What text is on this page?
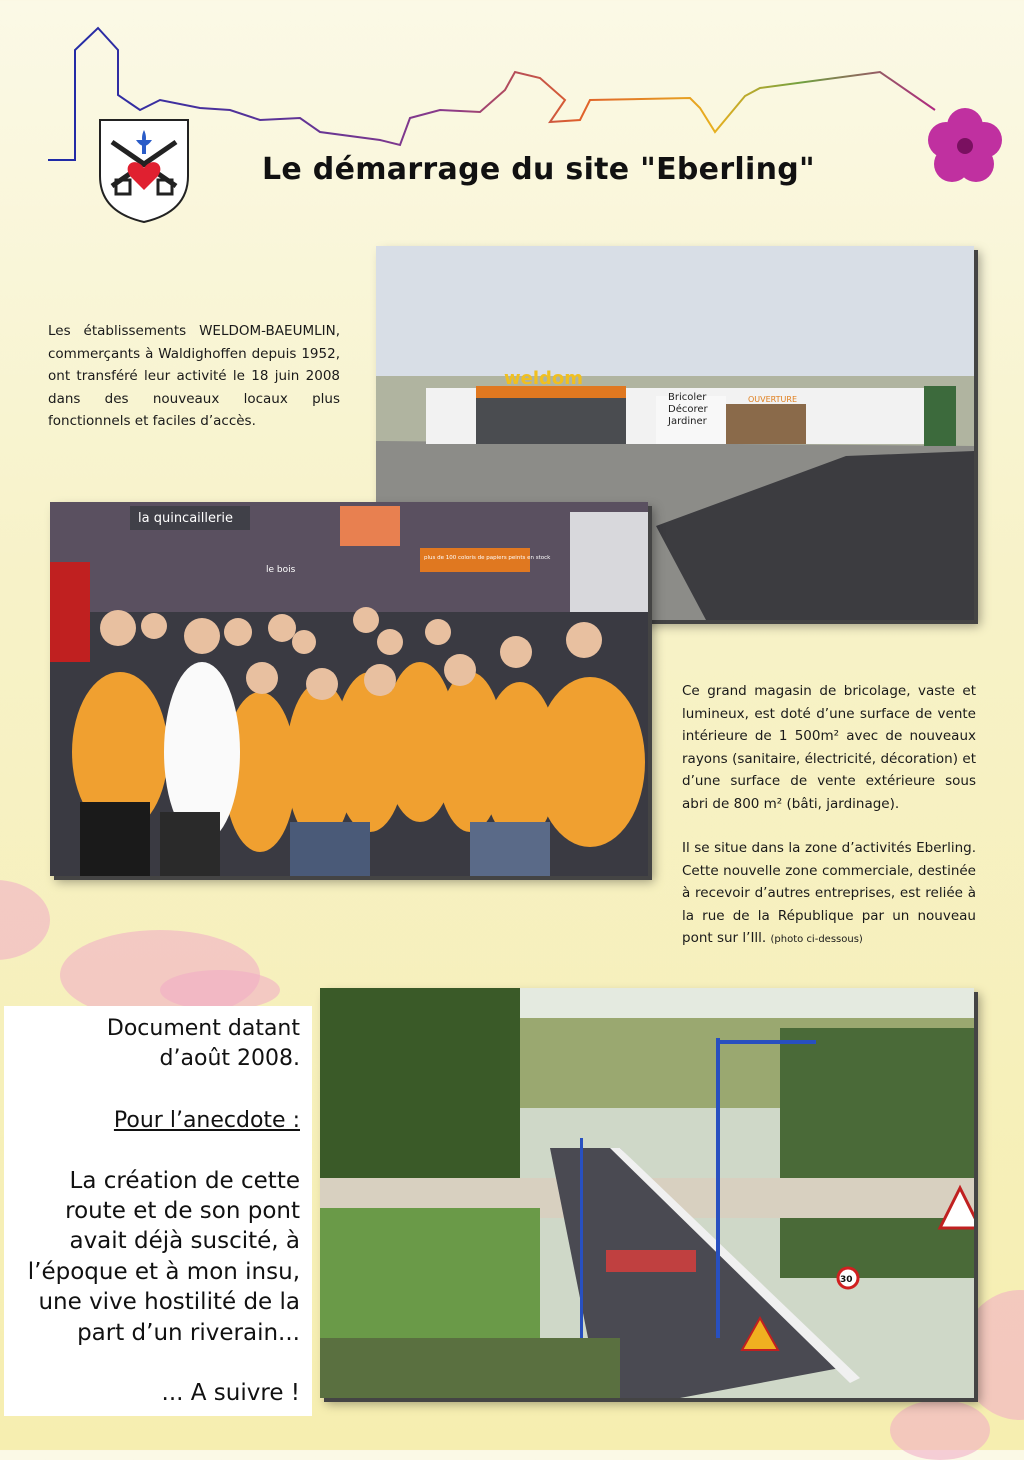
Le démarrage du site "Eberling"
Les établissements WELDOM-BAEUMLIN, commerçants à Waldighoffen depuis 1952, ont transféré leur activité le 18 juin 2008 dans des nouveaux locaux plus fonctionnels et faciles d’accès.
weldom
Bricoler
Décorer
Jardiner
OUVERTURE
la quincaillerie
le bois
plus de 100 coloris de papiers peints en stock
Ce grand magasin de bricolage, vaste et lumineux, est doté d’une surface de vente intérieure de 1 500m² avec de nouveaux rayons (sanitaire, électricité, décoration) et d’une surface de vente extérieure sous abri de 800 m² (bâti, jardinage).
Il se situe dans la zone d’activités Eberling. Cette nouvelle zone commerciale, destinée à recevoir d’autres entreprises, est reliée à la rue de la République par un nouveau pont sur l’Ill. (photo ci-dessous)
30
Document datant
d’août 2008.
Pour l’anecdote :
La création de cette
route et de son pont
avait déjà suscité, à
l’époque et à mon insu,
une vive hostilité de la
part d’un riverain...
... A suivre !
